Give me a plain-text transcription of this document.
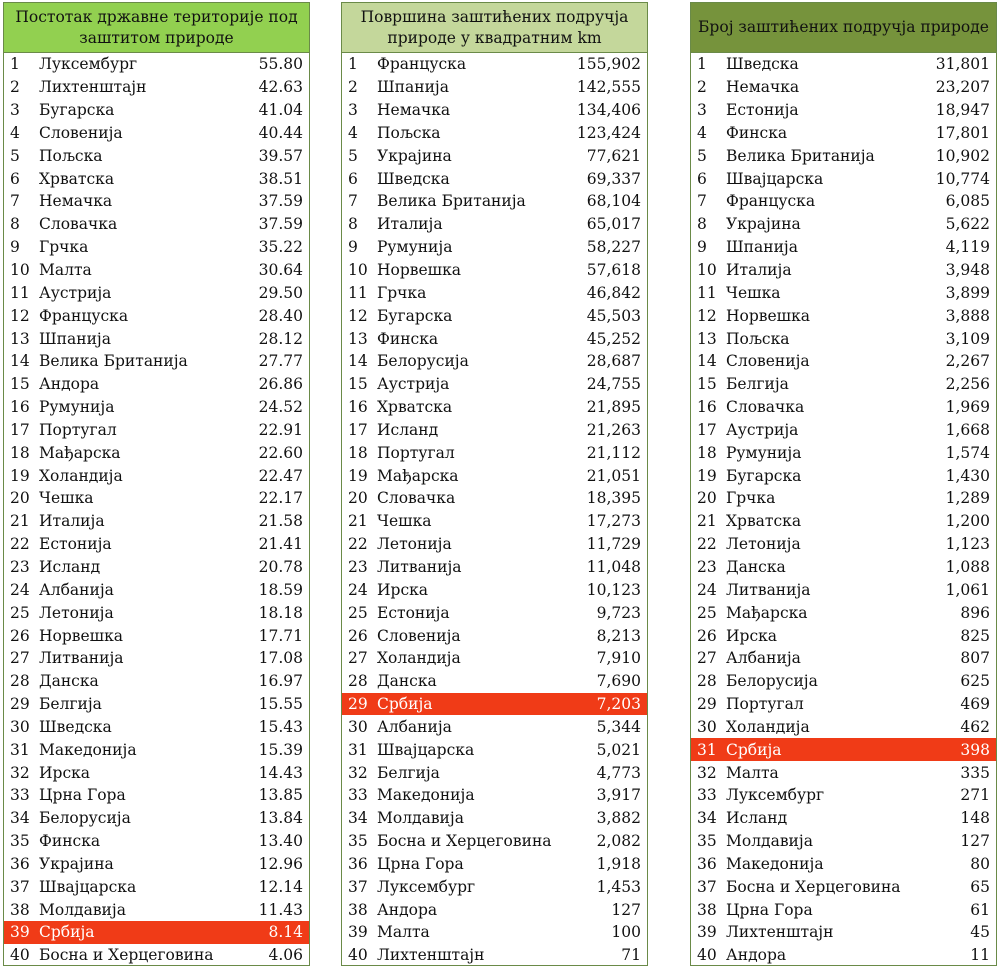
Постотак државне територије под заштитом природе
1	Луксембург	55.80
2	Лихтенштајн	42.63
3	Бугарска	41.04
4	Словенија	40.44
5	Пољска	39.57
6	Хрватска	38.51
7	Немачка	37.59
8	Словачка	37.59
9	Грчка	35.22
10 Малта	30.64
11 Аустрија	29.50
12 Француска	28.40
13 Шпанија	28.12
14 Велика Британија	27.77
15 Андора	26.86
16 Румунија	24.52
17 Португал	22.91
18 Мађарска	22.60
19 Холандија	22.47
20 Чешка	22.17
21 Италија	21.58
22 Естонија	21.41
23 Исланд	20.78
24 Албанија	18.59
25 Летонија	18.18
26 Норвешка	17.71
27 Литванија	17.08
28 Данска	16.97
29 Белгија	15.55
30 Шведска	15.43
31 Македонија	15.39
32 Ирска	14.43
33 Црна Гора	13.85
34 Белорусија	13.84
35 Финска	13.40
36 Украјина	12.96
37 Швајцарска	12.14
38 Молдавија	11.43
39 Србија	8.14
40 Босна и Херцеговина	4.06
Површина заштићених подручја природе у квадратним km
1	Француска	155,902
2	Шпанија	142,555
3	Немачка	134,406
4	Пољска	123,424
5	Украјина	77,621
6	Шведска	69,337
7	Велика Британија	68,104
8	Италија	65,017
9	Румунија	58,227
10 Норвешка	57,618
11 Грчка	46,842
12 Бугарска	45,503
13 Финска	45,252
14 Белорусија	28,687
15 Аустрија	24,755
16 Хрватска	21,895
17 Исланд	21,263
18 Португал	21,112
19 Мађарска	21,051
20 Словачка	18,395
21 Чешка	17,273
22 Летонија	11,729
23 Литванија	11,048
24 Ирска	10,123
25 Естонија	9,723
26 Словенија	8,213
27 Холандија	7,910
28 Данска	7,690
29 Србија	7,203
30 Албанија	5,344
31 Швајцарска	5,021
32 Белгија	4,773
33 Македонија	3,917
34 Молдавија	3,882
35 Босна и Херцеговина	2,082
36 Црна Гора	1,918
37 Луксембург	1,453
38 Андора	127
39 Малта	100
40 Лихтенштајн	71
Број заштићених подручја природе
1	Шведска	31,801
2	Немачка	23,207
3	Естонија	18,947
4	Финска	17,801
5	Велика Британија	10,902
6	Швајцарска	10,774
7	Француска	6,085
8	Украјина	5,622
9	Шпанија	4,119
10 Италија	3,948
11 Чешка	3,899
12 Норвешка	3,888
13 Пољска	3,109
14 Словенија	2,267
15 Белгија	2,256
16 Словачка	1,969
17 Аустрија	1,668
18 Румунија	1,574
19 Бугарска	1,430
20 Грчка	1,289
21 Хрватска	1,200
22 Летонија	1,123
23 Данска	1,088
24 Литванија	1,061
25 Мађарска	896
26 Ирска	825
27 Албанија	807
28 Белорусија	625
29 Португал	469
30 Холандија	462
31 Србија	398
32 Малта	335
33 Луксембург	271
34 Исланд	148
35 Молдавија	127
36 Македонија	80
37 Босна и Херцеговина	65
38 Црна Гора	61
39 Лихтенштајн	45
40 Андора	11
